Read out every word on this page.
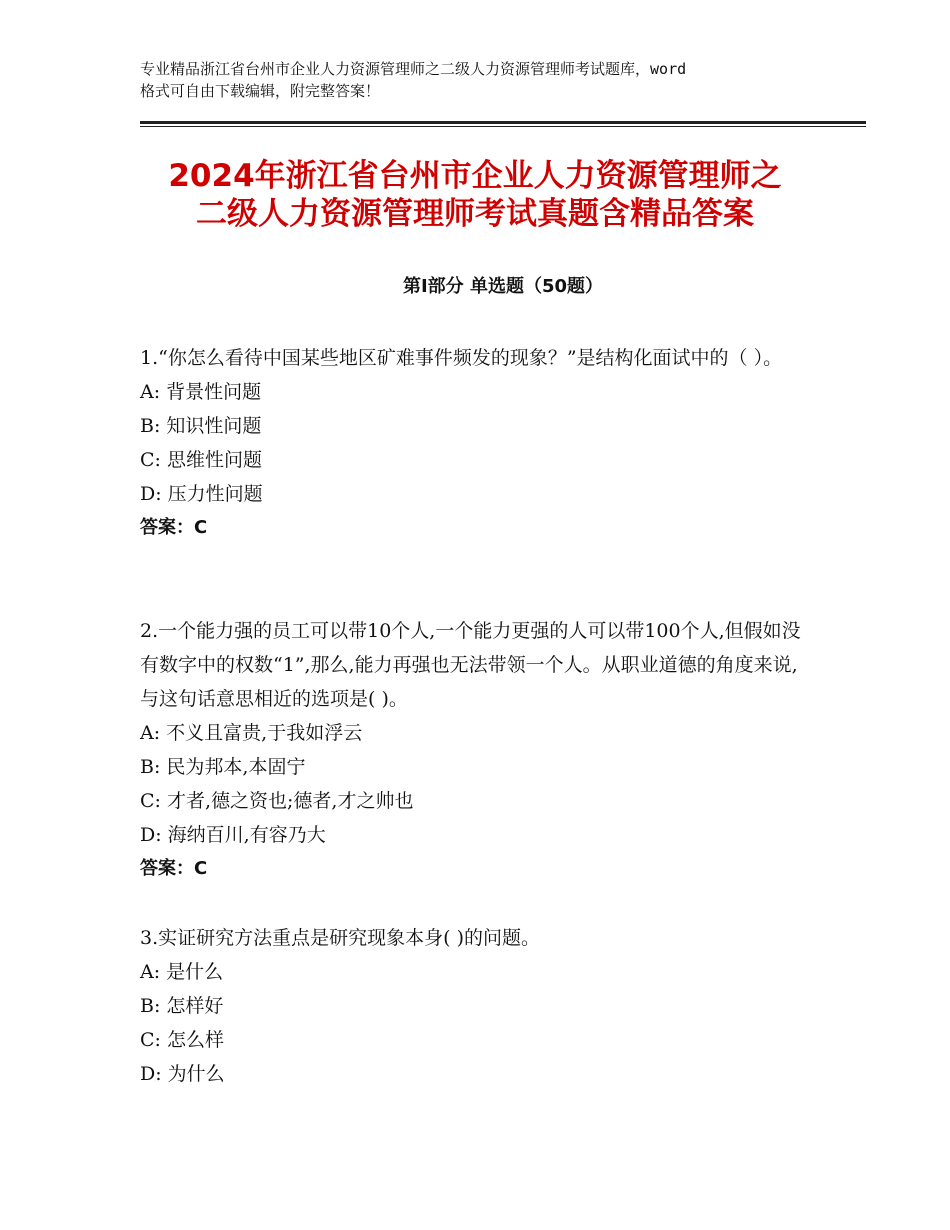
专业精品浙江省台州市企业人力资源管理师之二级人力资源管理师考试题库，word
格式可自由下载编辑，附完整答案！
2024年浙江省台州市企业人力资源管理师之
二级人力资源管理师考试真题含精品答案
第Ⅰ部分 单选题（50题）

1.“你怎么看待中国某些地区矿难事件频发的现象？”是结构化面试中的（ ）。

A: 背景性问题

B: 知识性问题

C: 思维性问题

D: 压力性问题

答案：C

2.一个能力强的员工可以带10个人,一个能力更强的人可以带100个人,但假如没有数字中的权数“1”,那么,能力再强也无法带领一个人。从职业道德的角度来说,与这句话意思相近的选项是( )。

A: 不义且富贵,于我如浮云

B: 民为邦本,本固宁

C: 才者,德之资也;德者,才之帅也

D: 海纳百川,有容乃大

答案：C

3.实证研究方法重点是研究现象本身( )的问题。

A: 是什么

B: 怎样好

C: 怎么样

D: 为什么
